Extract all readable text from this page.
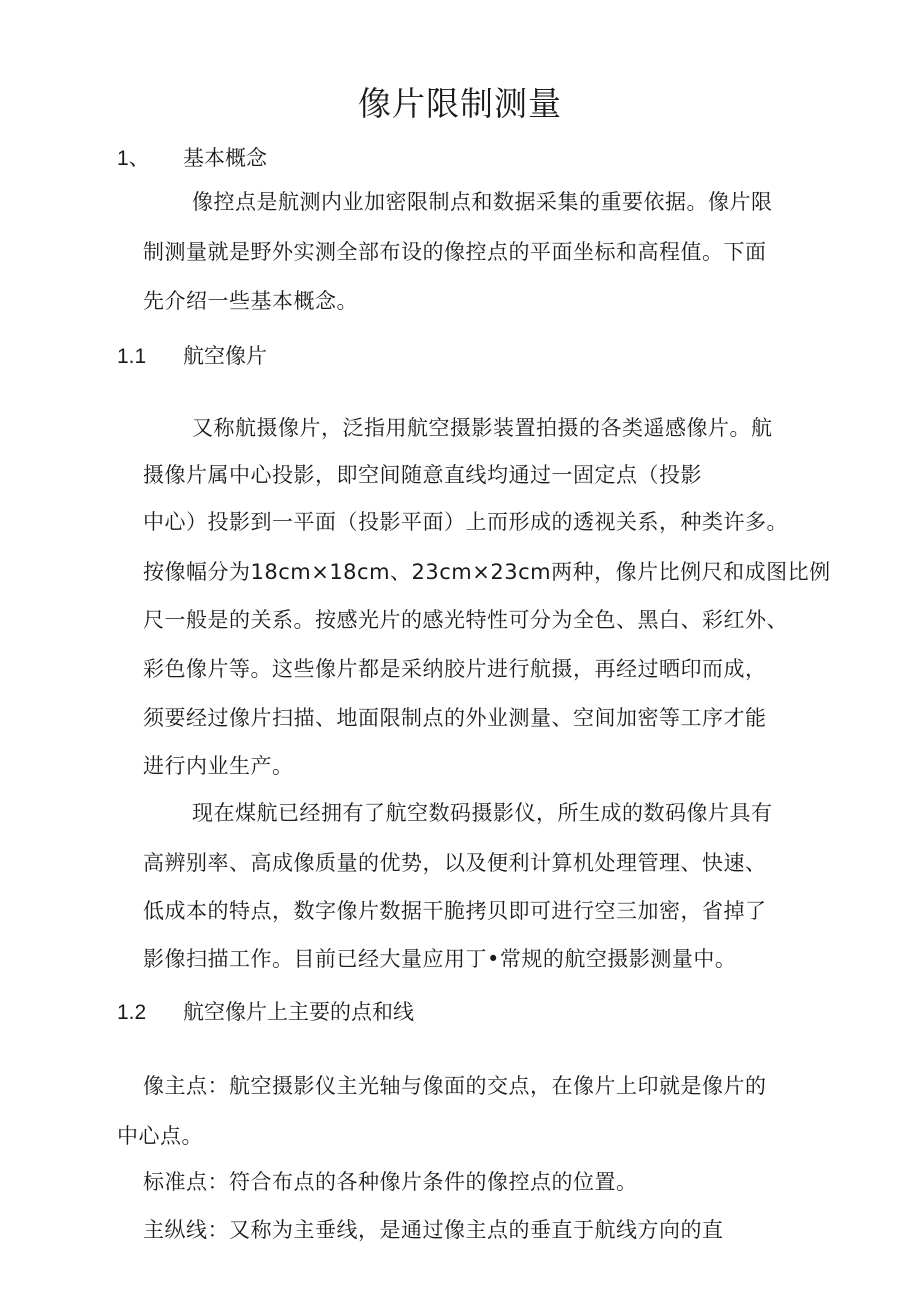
像片限制测量
1、 基本概念
像控点是航测内业加密限制点和数据采集的重要依据。像片限
制测量就是野外实测全部布设的像控点的平面坐标和高程值。下面
先介绍一些基本概念。
1.1 航空像片
又称航摄像片，泛指用航空摄影装置拍摄的各类遥感像片。航
摄像片属中心投影，即空间随意直线均通过一固定点（投影
中心）投影到一平面（投影平面）上而形成的透视关系，种类许多。
按像幅分为18cm×18cm、23cm×23cm两种，像片比例尺和成图比例
尺一般是的关系。按感光片的感光特性可分为全色、黑白、彩红外、
彩色像片等。这些像片都是采纳胶片进行航摄，再经过晒印而成，
须要经过像片扫描、地面限制点的外业测量、空间加密等工序才能
进行内业生产。
现在煤航已经拥有了航空数码摄影仪，所生成的数码像片具有
高辨别率、高成像质量的优势，以及便利计算机处理管理、快速、
低成本的特点，数字像片数据干脆拷贝即可进行空三加密，省掉了
影像扫描工作。目前已经大量应用丁•常规的航空摄影测量中。
1.2 航空像片上主要的点和线
像主点：航空摄影仪主光轴与像面的交点，在像片上印就是像片的
中心点。
标准点：符合布点的各种像片条件的像控点的位置。
主纵线：又称为主垂线，是通过像主点的垂直于航线方向的直
